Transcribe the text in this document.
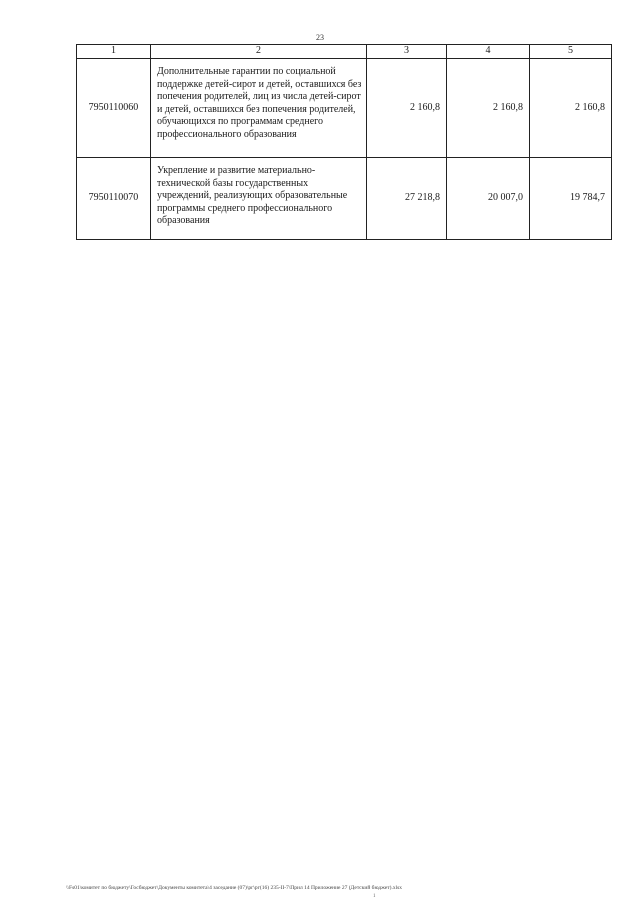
23
1	2	3	4	5
7950110060	Дополнительные гарантии по социальной поддержке детей-сирот и детей, оставшихся без попечения родителей, лиц из числа детей-сирот и детей, оставшихся без попечения родителей, обучающихся по программам среднего профессионального образования	2 160,8	2 160,8	2 160,8
7950110070	Укрепление и развитие материально-технической базы государственных учреждений, реализующих образовательные программы среднего профессионального образования	27 218,8	20 007,0	19 784,7
\\Fs01\комитет по бюджету\Госбюджет\Документы комитета\4 заседание (07)\рг\рг(16) 235-II-7\Прил 14 Приложение 27 (Детский бюджет).xlsx
1
